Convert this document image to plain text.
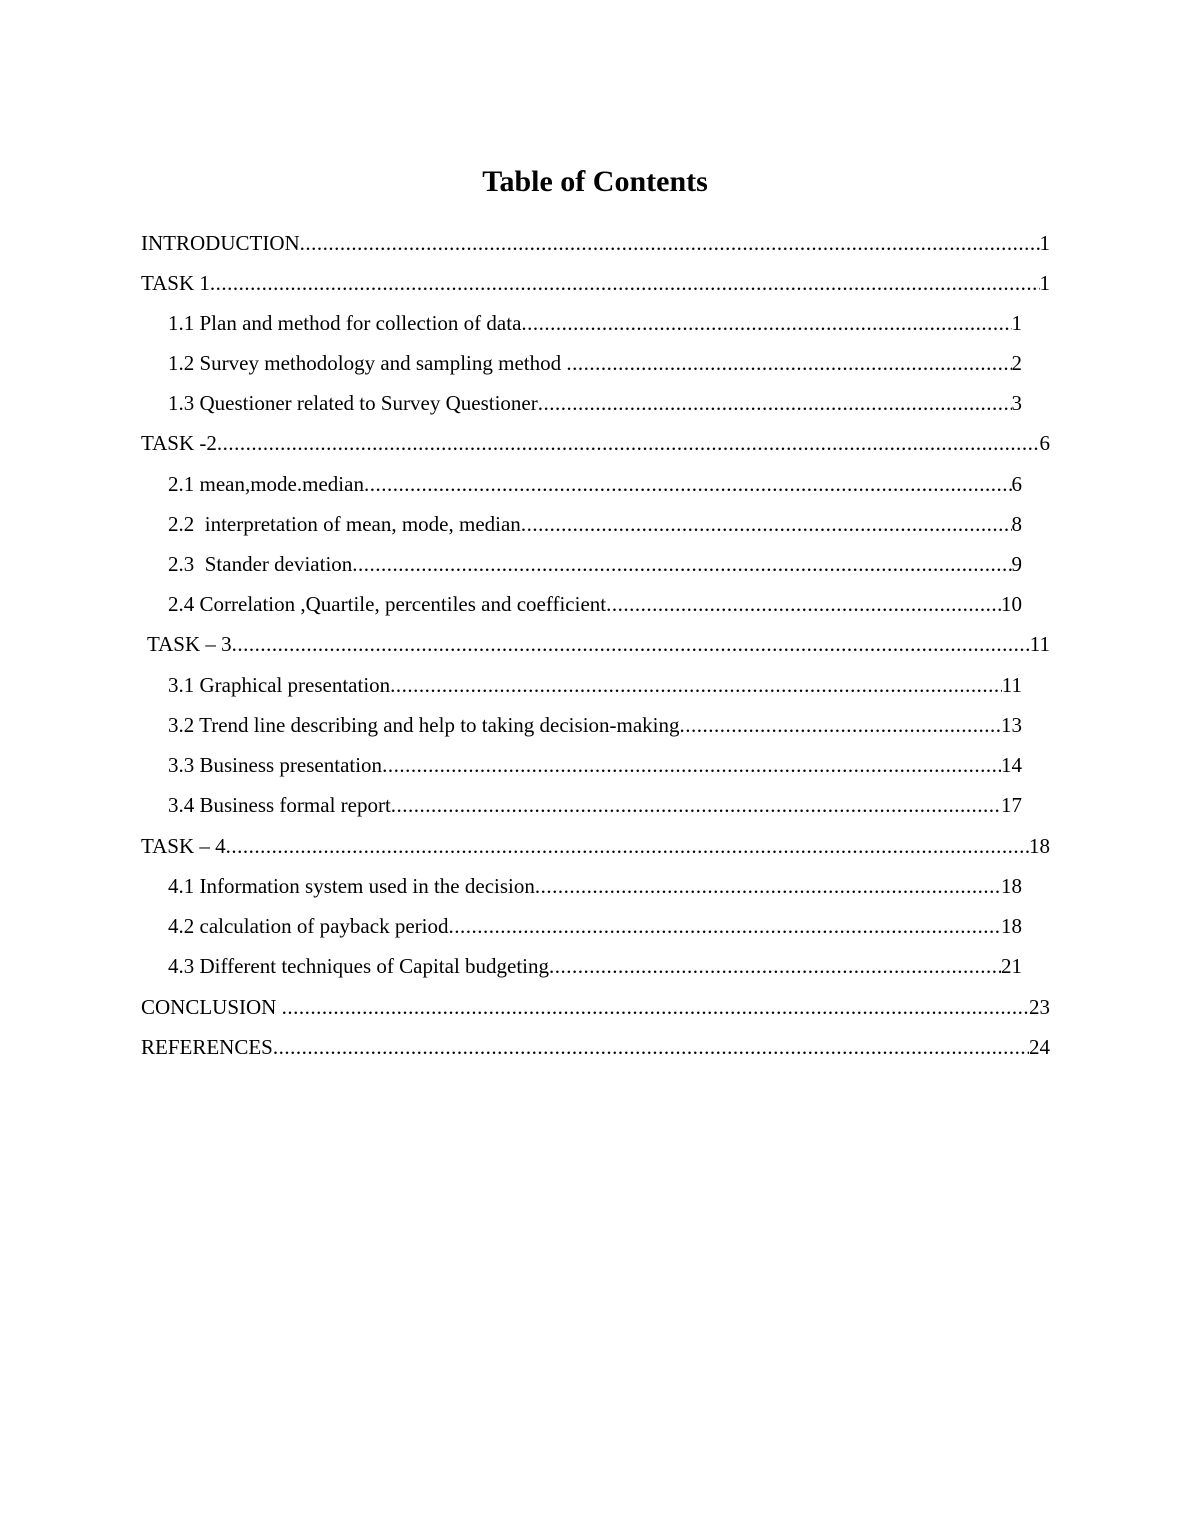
Table of Contents
INTRODUCTION .....	1
TASK 1 .....	1
1.1 Plan and method for collection of data .....	1
1.2 Survey methodology and sampling method .....	2
1.3 Questioner related to Survey Questioner .....	3
TASK -2 .....	6
2.1 mean,mode.median .....	6
2.2  interpretation of mean, mode, median .....	8
2.3  Stander deviation .....	9
2.4 Correlation ,Quartile, percentiles and coefficient .....	10
TASK – 3 .....	11
3.1 Graphical presentation .....	11
3.2 Trend line describing and help to taking decision-making .....	13
3.3 Business presentation .....	14
3.4 Business formal report .....	17
TASK – 4 .....	18
4.1 Information system used in the decision .....	18
4.2 calculation of payback period .....	18
4.3 Different techniques of Capital budgeting .....	21
CONCLUSION .....	23
REFERENCES .....	24
